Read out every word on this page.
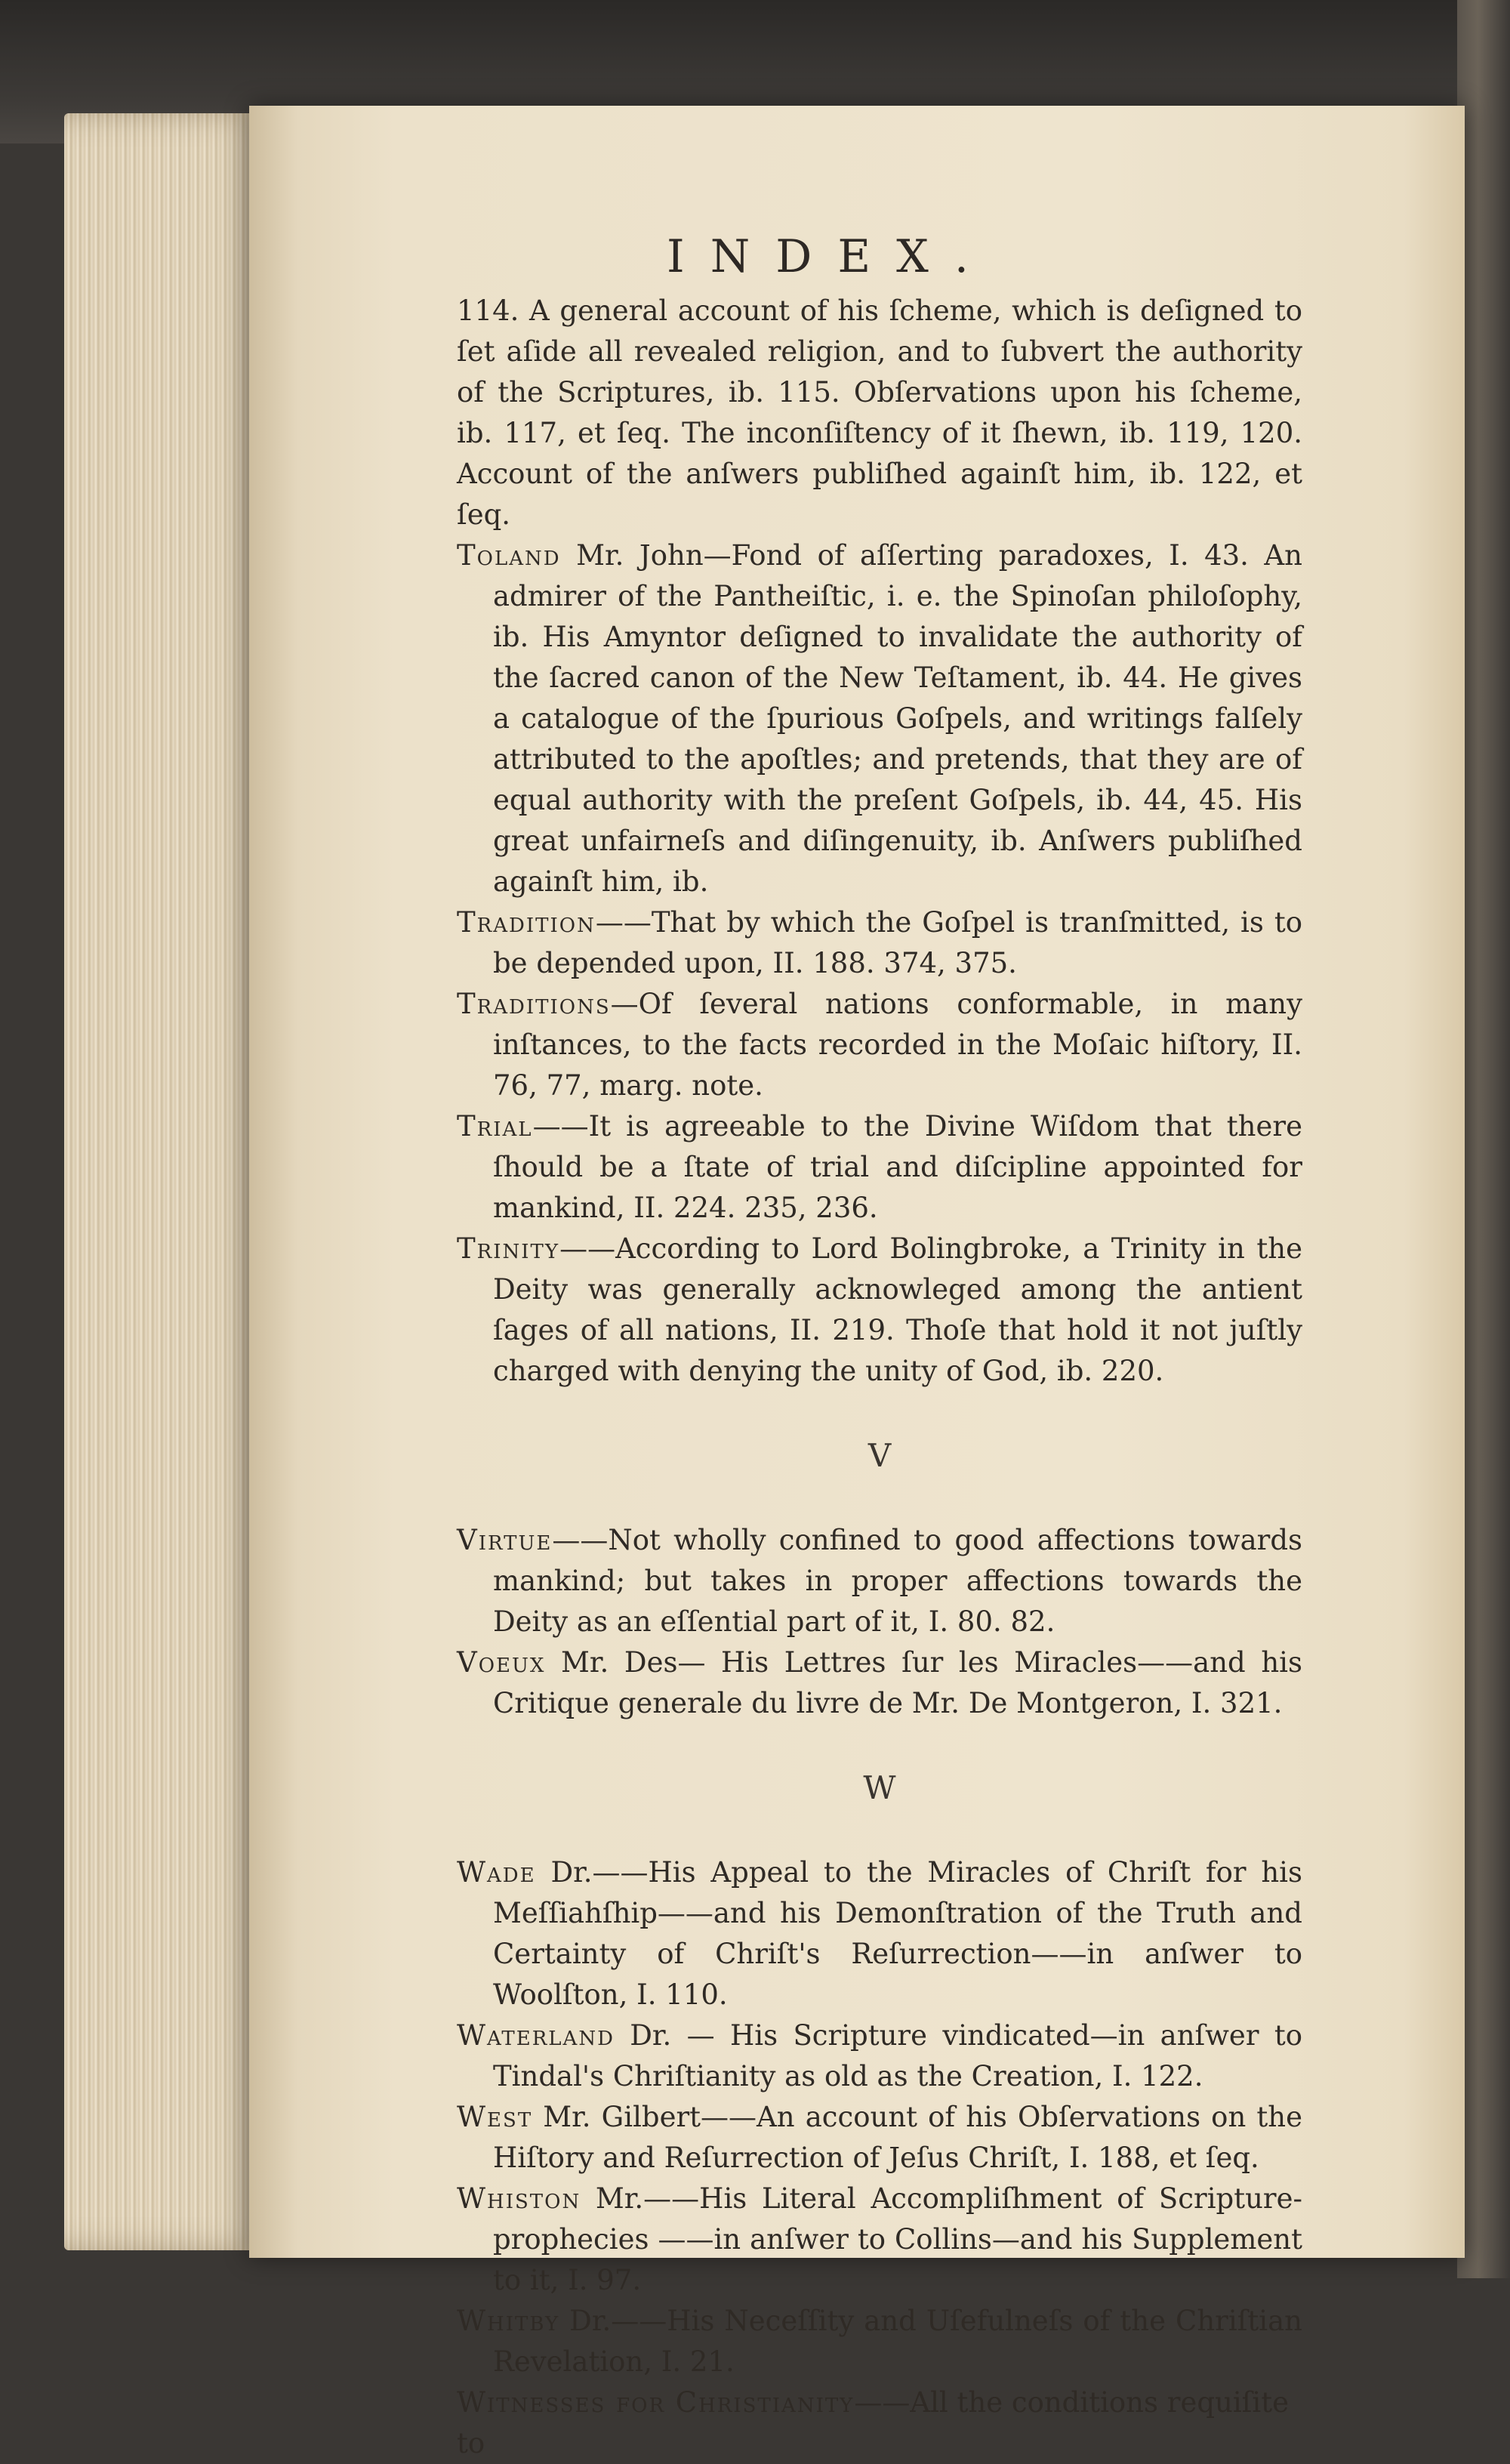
INDEX.

114. A general account of his ſcheme, which is deſigned to ſet aſide all revealed religion, and to ſubvert the authority of the Scriptures, ib. 115. Obſervations upon his ſcheme, ib. 117, et ſeq. The inconſiſtency of it ſhewn, ib. 119, 120. Account of the anſwers publiſhed againſt him, ib. 122, et ſeq.

Toland Mr. John—Fond of aſſerting paradoxes, I. 43. An admirer of the Pantheiſtic, i. e. the Spinoſan philoſophy, ib. His Amyntor deſigned to invalidate the authority of the ſacred canon of the New Teſtament, ib. 44. He gives a catalogue of the ſpurious Goſpels, and writings falſely attributed to the apoſtles; and pretends, that they are of equal authority with the preſent Goſpels, ib. 44, 45. His great unfairneſs and diſingenuity, ib. Anſwers publiſhed againſt him, ib.

Tradition——That by which the Goſpel is tranſmitted, is to be depended upon, II. 188. 374, 375.

Traditions—Of ſeveral nations conformable, in many inſtances, to the facts recorded in the Moſaic hiſtory, II. 76, 77, marg. note.

Trial——It is agreeable to the Divine Wiſdom that there ſhould be a ſtate of trial and diſcipline appointed for mankind, II. 224. 235, 236.

Trinity——According to Lord Bolingbroke, a Trinity in the Deity was generally acknowleged among the antient ſages of all nations, II. 219. Thoſe that hold it not juſtly charged with denying the unity of God, ib. 220.

V

Virtue——Not wholly confined to good affections towards mankind; but takes in proper affections towards the Deity as an eſſential part of it, I. 80. 82.

Voeux Mr. Des— His Lettres ſur les Miracles——and his Critique generale du livre de Mr. De Montgeron, I. 321.

W

Wade Dr.——His Appeal to the Miracles of Chriſt for his Meſſiahſhip——and his Demonſtration of the Truth and Certainty of Chriſt's Reſurrection——in anſwer to Woolſton, I. 110.

Waterland Dr. — His Scripture vindicated—in anſwer to Tindal's Chriſtianity as old as the Creation, I. 122.

West Mr. Gilbert——An account of his Obſervations on the Hiſtory and Reſurrection of Jeſus Chriſt, I. 188, et ſeq.

Whiston Mr.——His Literal Accompliſhment of Scripture-prophecies ——in anſwer to Collins—and his Supplement to it, I. 97.

Whitby Dr.——His Neceſſity and Uſefulneſs of the Chriſtian Revelation, I. 21.

Witnesses for Christianity——All the conditions requiſite

to
